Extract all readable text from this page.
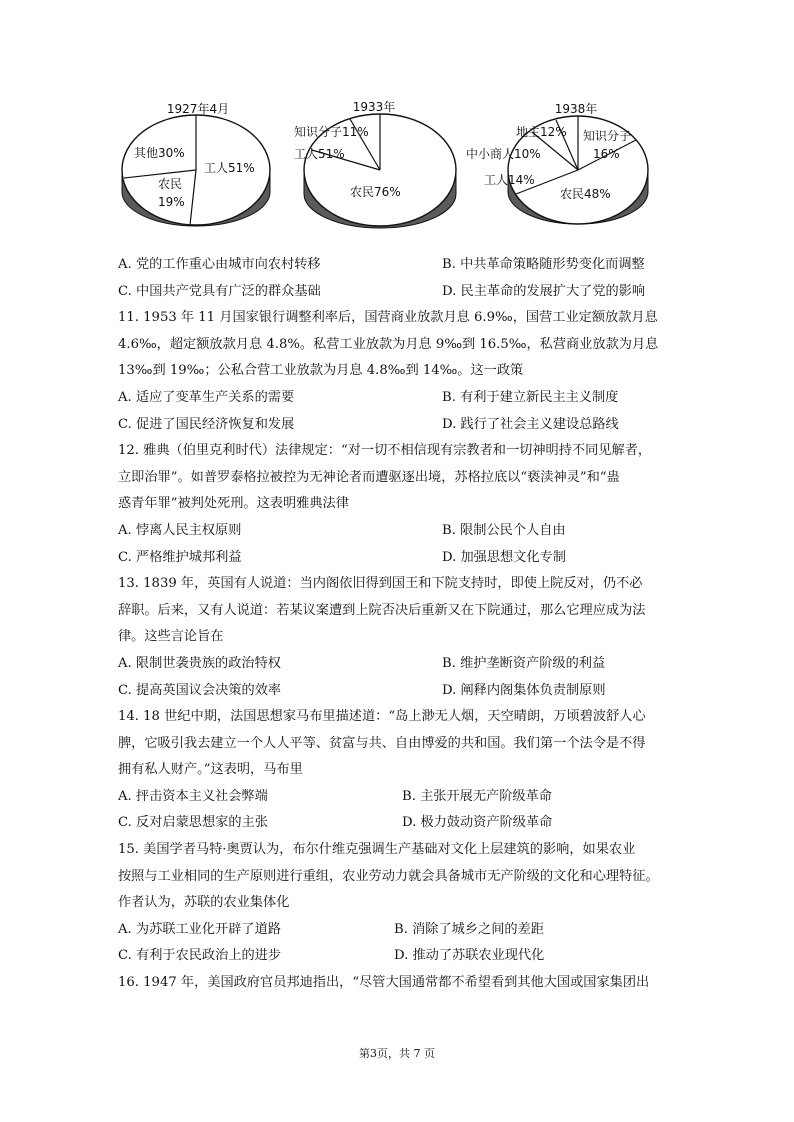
1927年4月
工人51%
其他30%
农民
19%
1933年
知识分子11%
工人51%
农民76%
1938年
地主12% 知识分子
16%
中小商人10%
工人14%
农民48%
A. 党的工作重心由城市向农村转移	B. 中共革命策略随形势变化而调整
C. 中国共产党具有广泛的群众基础	D. 民主革命的发展扩大了党的影响
11. 1953 年 11 月国家银行调整利率后，国营商业放款月息 6.9‰，国营工业定额放款月息
4.6‰，超定额放款月息 4.8%。私营工业放款为月息 9‰到 16.5‰，私营商业放款为月息
13‰到 19‰；公私合营工业放款为月息 4.8‰到 14‰。这一政策
A. 适应了变革生产关系的需要	B. 有利于建立新民主主义制度
C. 促进了国民经济恢复和发展	D. 践行了社会主义建设总路线
12. 雅典（伯里克利时代）法律规定：“对一切不相信现有宗教者和一切神明持不同见解者，
立即治罪”。如普罗泰格拉被控为无神论者而遭驱逐出境，苏格拉底以“亵渎神灵”和“蛊
惑青年罪”被判处死刑。这表明雅典法律
A. 悖离人民主权原则	B. 限制公民个人自由
C. 严格维护城邦利益	D. 加强思想文化专制
13. 1839 年，英国有人说道：当内阁依旧得到国王和下院支持时，即使上院反对，仍不必
辞职。后来，又有人说道：若某议案遭到上院否决后重新又在下院通过，那么它理应成为法
律。这些言论旨在
A. 限制世袭贵族的政治特权	B. 维护垄断资产阶级的利益
C. 提高英国议会决策的效率	D. 阐释内阁集体负责制原则
14. 18 世纪中期，法国思想家马布里描述道：“岛上渺无人烟，天空晴朗，万顷碧波舒人心
脾，它吸引我去建立一个人人平等、贫富与共、自由博爱的共和国。我们第一个法令是不得
拥有私人财产。”这表明，马布里
A. 抨击资本主义社会弊端	B. 主张开展无产阶级革命
C. 反对启蒙思想家的主张	D. 极力鼓动资产阶级革命
15. 美国学者马特·奥贾认为，布尔什维克强调生产基础对文化上层建筑的影响，如果农业
按照与工业相同的生产原则进行重组，农业劳动力就会具备城市无产阶级的文化和心理特征。
作者认为，苏联的农业集体化
A. 为苏联工业化开辟了道路	B. 消除了城乡之间的差距
C. 有利于农民政治上的进步	D. 推动了苏联农业现代化
16. 1947 年，美国政府官员邦迪指出，“尽管大国通常都不希望看到其他大国或国家集团出
第3页，共 7 页
